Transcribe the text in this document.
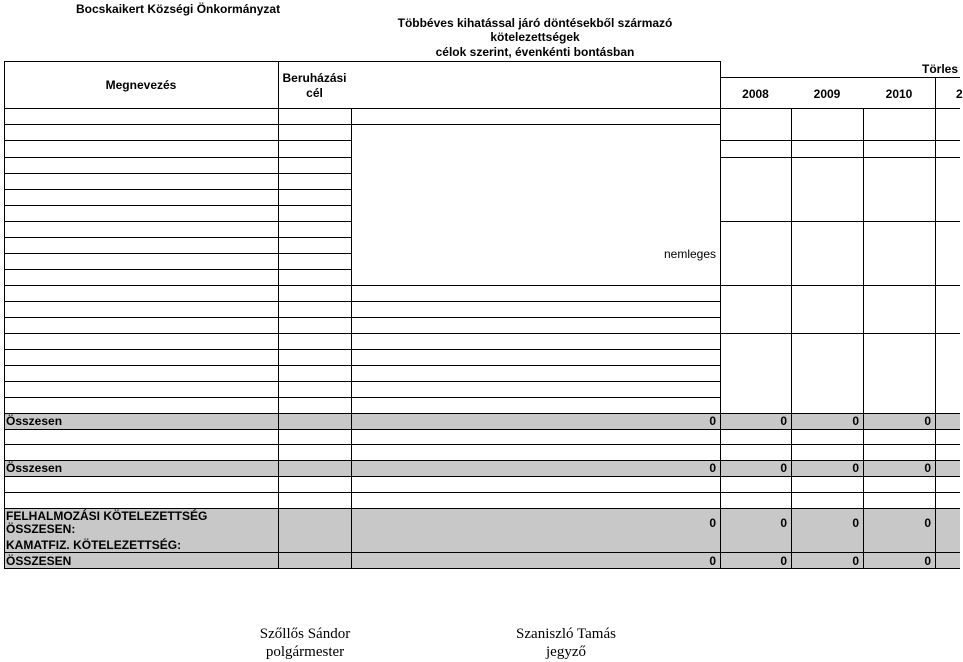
Bocskaikert Községi Önkormányzat
Többéves kihatással járó döntésekből származó
kötelezettségek
célok szerint, évenkénti bontásban
Megnevezés	Beruházási
cél
Törles
2008	2009	2010	2
nemleges
Összesen	0	0	0	0
Összesen	0	0	0	0
FELHALMOZÁSI KÖTELEZETTSÉG
ÖSSZESEN:	0	0	0	0
KAMATFIZ. KÖTELEZETTSÉG:
ÖSSZESEN	0	0	0	0
Szőllős Sándor
polgármester
Szaniszló Tamás
jegyző
